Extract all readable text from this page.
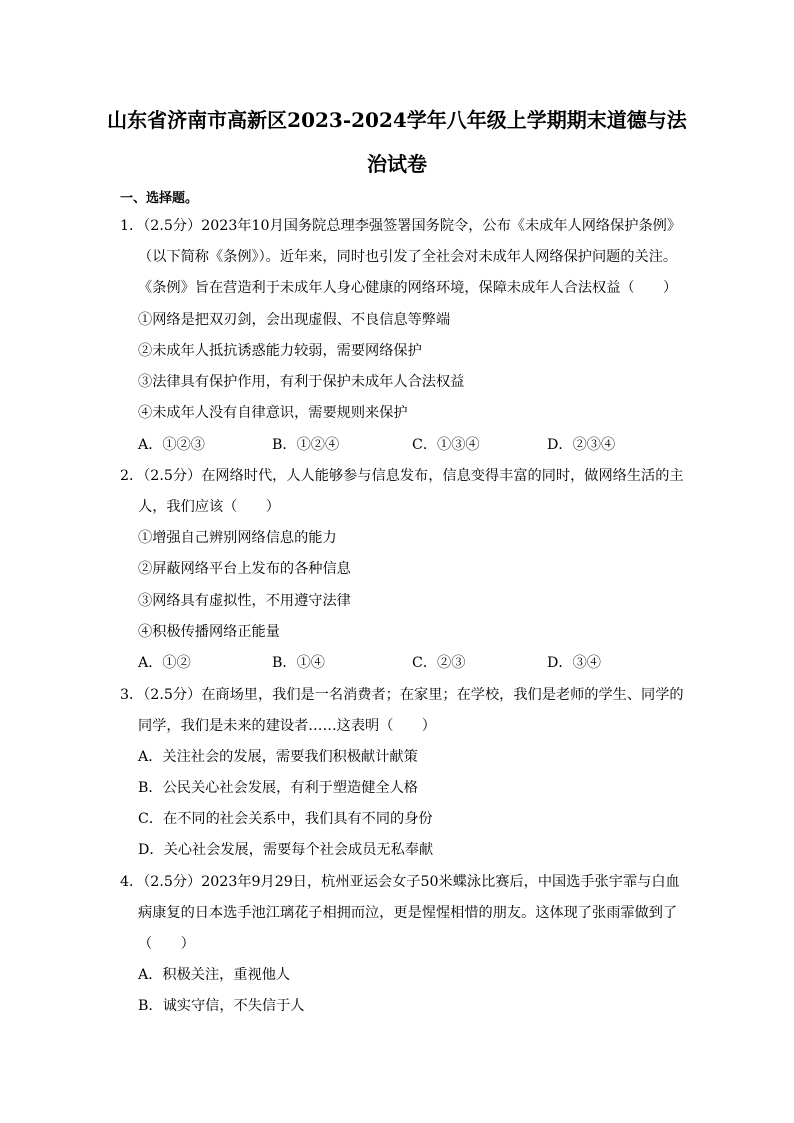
山东省济南市高新区2023-2024学年八年级上学期期末道德与法
治试卷
一、选择题。
1．（2.5分）2023年10月国务院总理李强签署国务院令，公布《未成年人网络保护条例》
（以下简称《条例》）。近年来，同时也引发了全社会对未成年人网络保护问题的关注。
《条例》旨在营造利于未成年人身心健康的网络环境，保障未成年人合法权益（　　）
①网络是把双刃剑，会出现虚假、不良信息等弊端
②未成年人抵抗诱惑能力较弱，需要网络保护
③法律具有保护作用，有利于保护未成年人合法权益
④未成年人没有自律意识，需要规则来保护
A．①②③	B．①②④	C．①③④	D．②③④
2．（2.5分）在网络时代，人人能够参与信息发布，信息变得丰富的同时，做网络生活的主
人，我们应该（　　）
①增强自己辨别网络信息的能力
②屏蔽网络平台上发布的各种信息
③网络具有虚拟性，不用遵守法律
④积极传播网络正能量
A．①②	B．①④	C．②③	D．③④
3．（2.5分）在商场里，我们是一名消费者；在家里；在学校，我们是老师的学生、同学的
同学，我们是未来的建设者……这表明（　　）
A．关注社会的发展，需要我们积极献计献策
B．公民关心社会发展，有利于塑造健全人格
C．在不同的社会关系中，我们具有不同的身份
D．关心社会发展，需要每个社会成员无私奉献
4．（2.5分）2023年9月29日，杭州亚运会女子50米蝶泳比赛后，中国选手张宇霏与白血
病康复的日本选手池江璃花子相拥而泣，更是惺惺相惜的朋友。这体现了张雨霏做到了
（　　）
A．积极关注，重视他人
B．诚实守信，不失信于人
